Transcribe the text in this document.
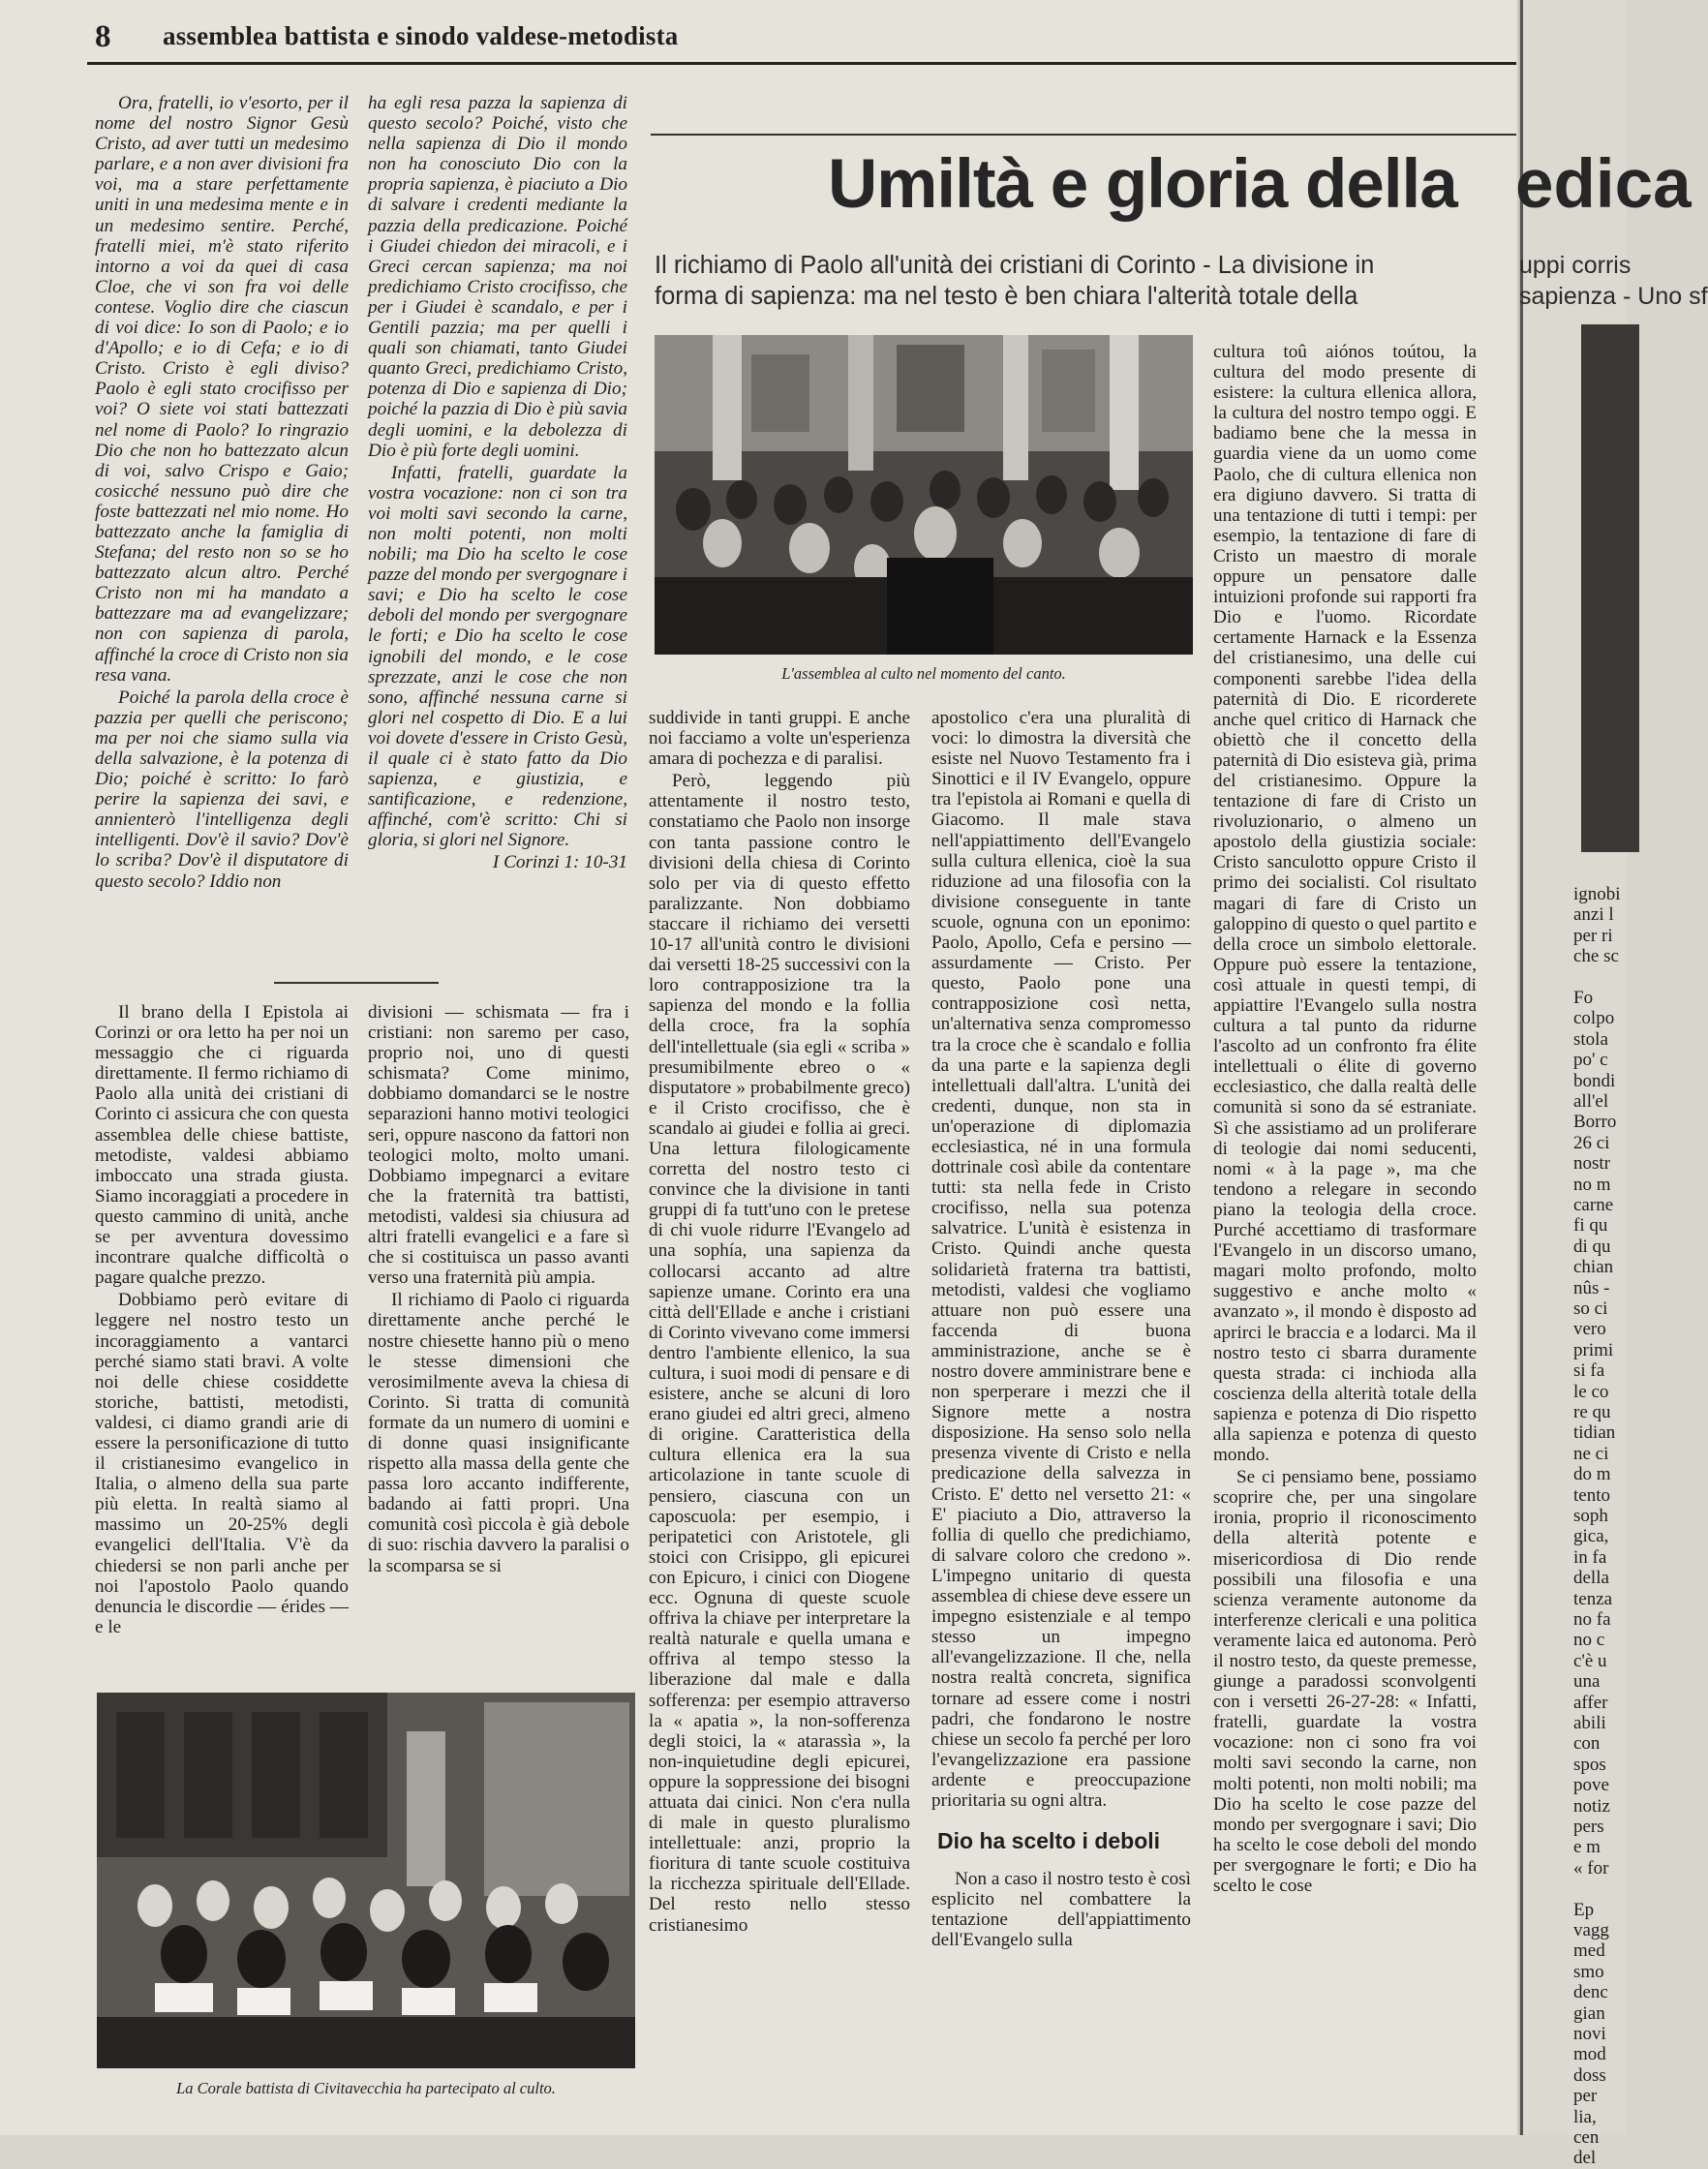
8 assemblea battista e sinodo valdese-metodista

Ora, fratelli, io v'esorto, per il nome del nostro Signor Gesù Cristo, ad aver tutti un medesimo parlare, e a non aver divisioni fra voi, ma a stare perfettamente uniti in una medesima mente e in un medesimo sentire. Perché, fratelli miei, m'è stato riferito intorno a voi da quei di casa Cloe, che vi son fra voi delle contese. Voglio dire che ciascun di voi dice: Io son di Paolo; e io d'Apollo; e io di Cefa; e io di Cristo. Cristo è egli diviso? Paolo è egli stato crocifisso per voi? O siete voi stati battezzati nel nome di Paolo? Io ringrazio Dio che non ho battezzato alcun di voi, salvo Crispo e Gaio; cosicché nessuno può dire che foste battezzati nel mio nome. Ho battezzato anche la famiglia di Stefana; del resto non so se ho battezzato alcun altro. Perché Cristo non mi ha mandato a battezzare ma ad evangelizzare; non con sapienza di parola, affinché la croce di Cristo non sia resa vana.

Poiché la parola della croce è pazzia per quelli che periscono; ma per noi che siamo sulla via della salvazione, è la potenza di Dio; poiché è scritto: Io farò perire la sapienza dei savi, e annienterò l'intelligenza degli intelligenti. Dov'è il savio? Dov'è lo scriba? Dov'è il disputatore di questo secolo? Iddio non

ha egli resa pazza la sapienza di questo secolo? Poiché, visto che nella sapienza di Dio il mondo non ha conosciuto Dio con la propria sapienza, è piaciuto a Dio di salvare i credenti mediante la pazzia della predicazione. Poiché i Giudei chiedon dei miracoli, e i Greci cercan sapienza; ma noi predichiamo Cristo crocifisso, che per i Giudei è scandalo, e per i Gentili pazzia; ma per quelli i quali son chiamati, tanto Giudei quanto Greci, predichiamo Cristo, potenza di Dio e sapienza di Dio; poiché la pazzia di Dio è più savia degli uomini, e la debolezza di Dio è più forte degli uomini.

Infatti, fratelli, guardate la vostra vocazione: non ci son tra voi molti savi secondo la carne, non molti potenti, non molti nobili; ma Dio ha scelto le cose pazze del mondo per svergognare i savi; e Dio ha scelto le cose deboli del mondo per svergognare le forti; e Dio ha scelto le cose ignobili del mondo, e le cose sprezzate, anzi le cose che non sono, affinché nessuna carne si glori nel cospetto di Dio. E a lui voi dovete d'essere in Cristo Gesù, il quale ci è stato fatto da Dio sapienza, e giustizia, e santificazione, e redenzione, affinché, com'è scritto: Chi si gloria, si glori nel Signore.

I Corinzi 1: 10-31

Umiltà e gloria della
Il richiamo di Paolo all'unità dei cristiani di Corinto - La divisione in
forma di sapienza: ma nel testo è ben chiara l'alterità totale della
L'assemblea al culto nel momento del canto.

Il brano della I Epistola ai Corinzi or ora letto ha per noi un messaggio che ci riguarda direttamente. Il fermo richiamo di Paolo alla unità dei cristiani di Corinto ci assicura che con questa assemblea delle chiese battiste, metodiste, valdesi abbiamo imboccato una strada giusta. Siamo incoraggiati a procedere in questo cammino di unità, anche se per avventura dovessimo incontrare qualche difficoltà o pagare qualche prezzo.

Dobbiamo però evitare di leggere nel nostro testo un incoraggiamento a vantarci perché siamo stati bravi. A volte noi delle chiese cosiddette storiche, battisti, metodisti, valdesi, ci diamo grandi arie di essere la personificazione di tutto il cristianesimo evangelico in Italia, o almeno della sua parte più eletta. In realtà siamo al massimo un 20-25% degli evangelici dell'Italia. V'è da chiedersi se non parli anche per noi l'apostolo Paolo quando denuncia le discordie — érides — e le

divisioni — schismata — fra i cristiani: non saremo per caso, proprio noi, uno di questi schismata? Come minimo, dobbiamo domandarci se le nostre separazioni hanno motivi teologici seri, oppure nascono da fattori non teologici molto, molto umani. Dobbiamo impegnarci a evitare che la fraternità tra battisti, metodisti, valdesi sia chiusura ad altri fratelli evangelici e a fare sì che si costituisca un passo avanti verso una fraternità più ampia.

Il richiamo di Paolo ci riguarda direttamente anche perché le nostre chiesette hanno più o meno le stesse dimensioni che verosimilmente aveva la chiesa di Corinto. Si tratta di comunità formate da un numero di uomini e di donne quasi insignificante rispetto alla massa della gente che passa loro accanto indifferente, badando ai fatti propri. Una comunità così piccola è già debole di suo: rischia davvero la paralisi o la scomparsa se si

La Corale battista di Civitavecchia ha partecipato al culto.

suddivide in tanti gruppi. E anche noi facciamo a volte un'esperienza amara di pochezza e di paralisi.

Però, leggendo più attentamente il nostro testo, constatiamo che Paolo non insorge con tanta passione contro le divisioni della chiesa di Corinto solo per via di questo effetto paralizzante. Non dobbiamo staccare il richiamo dei versetti 10-17 all'unità contro le divisioni dai versetti 18-25 successivi con la loro contrapposizione tra la sapienza del mondo e la follia della croce, fra la sophía dell'intellettuale (sia egli « scriba » presumibilmente ebreo o « disputatore » probabilmente greco) e il Cristo crocifisso, che è scandalo ai giudei e follia ai greci. Una lettura filologicamente corretta del nostro testo ci convince che la divisione in tanti gruppi di fa tutt'uno con le pretese di chi vuole ridurre l'Evangelo ad una sophía, una sapienza da collocarsi accanto ad altre sapienze umane. Corinto era una città dell'Ellade e anche i cristiani di Corinto vivevano come immersi dentro l'ambiente ellenico, la sua cultura, i suoi modi di pensare e di esistere, anche se alcuni di loro erano giudei ed altri greci, almeno di origine. Caratteristica della cultura ellenica era la sua articolazione in tante scuole di pensiero, ciascuna con un caposcuola: per esempio, i peripatetici con Aristotele, gli stoici con Crisippo, gli epicurei con Epicuro, i cinici con Diogene ecc. Ognuna di queste scuole offriva la chiave per interpretare la realtà naturale e quella umana e offriva al tempo stesso la liberazione dal male e dalla sofferenza: per esempio attraverso la « apatia », la non-sofferenza degli stoici, la « atarassìa », la non-inquietudine degli epicurei, oppure la soppressione dei bisogni attuata dai cinici. Non c'era nulla di male in questo pluralismo intellettuale: anzi, proprio la fioritura di tante scuole costituiva la ricchezza spirituale dell'Ellade. Del resto nello stesso cristianesimo

apostolico c'era una pluralità di voci: lo dimostra la diversità che esiste nel Nuovo Testamento fra i Sinottici e il IV Evangelo, oppure tra l'epistola ai Romani e quella di Giacomo. Il male stava nell'appiattimento dell'Evangelo sulla cultura ellenica, cioè la sua riduzione ad una filosofia con la divisione conseguente in tante scuole, ognuna con un eponimo: Paolo, Apollo, Cefa e persino — assurdamente — Cristo. Per questo, Paolo pone una contrapposizione così netta, un'alternativa senza compromesso tra la croce che è scandalo e follia da una parte e la sapienza degli intellettuali dall'altra. L'unità dei credenti, dunque, non sta in un'operazione di diplomazia ecclesiastica, né in una formula dottrinale così abile da contentare tutti: sta nella fede in Cristo crocifisso, nella sua potenza salvatrice. L'unità è esistenza in Cristo. Quindi anche questa solidarietà fraterna tra battisti, metodisti, valdesi che vogliamo attuare non può essere una faccenda di buona amministrazione, anche se è nostro dovere amministrare bene e non sperperare i mezzi che il Signore mette a nostra disposizione. Ha senso solo nella presenza vivente di Cristo e nella predicazione della salvezza in Cristo. E' detto nel versetto 21: « E' piaciuto a Dio, attraverso la follia di quello che predichiamo, di salvare coloro che credono ». L'impegno unitario di questa assemblea di chiese deve essere un impegno esistenziale e al tempo stesso un impegno all'evangelizzazione. Il che, nella nostra realtà concreta, significa tornare ad essere come i nostri padri, che fondarono le nostre chiese un secolo fa perché per loro l'evangelizzazione era passione ardente e preoccupazione prioritaria su ogni altra.

Dio ha scelto i deboli

Non a caso il nostro testo è così esplicito nel combattere la tentazione dell'appiattimento dell'Evangelo sulla

cultura toû aiónos toútou, la cultura del modo presente di esistere: la cultura ellenica allora, la cultura del nostro tempo oggi. E badiamo bene che la messa in guardia viene da un uomo come Paolo, che di cultura ellenica non era digiuno davvero. Si tratta di una tentazione di tutti i tempi: per esempio, la tentazione di fare di Cristo un maestro di morale oppure un pensatore dalle intuizioni profonde sui rapporti fra Dio e l'uomo. Ricordate certamente Harnack e la Essenza del cristianesimo, una delle cui componenti sarebbe l'idea della paternità di Dio. E ricorderete anche quel critico di Harnack che obiettò che il concetto della paternità di Dio esisteva già, prima del cristianesimo. Oppure la tentazione di fare di Cristo un rivoluzionario, o almeno un apostolo della giustizia sociale: Cristo sanculotto oppure Cristo il primo dei socialisti. Col risultato magari di fare di Cristo un galoppino di questo o quel partito e della croce un simbolo elettorale. Oppure può essere la tentazione, così attuale in questi tempi, di appiattire l'Evangelo sulla nostra cultura a tal punto da ridurne l'ascolto ad un confronto fra élite intellettuali o élite di governo ecclesiastico, che dalla realtà delle comunità si sono da sé estraniate. Sì che assistiamo ad un proliferare di teologie dai nomi seducenti, nomi « à la page », ma che tendono a relegare in secondo piano la teologia della croce. Purché accettiamo di trasformare l'Evangelo in un discorso umano, magari molto profondo, molto suggestivo e anche molto « avanzato », il mondo è disposto ad aprirci le braccia e a lodarci. Ma il nostro testo ci sbarra duramente questa strada: ci inchioda alla coscienza della alterità totale della sapienza e potenza di Dio rispetto alla sapienza e potenza di questo mondo.

Se ci pensiamo bene, possiamo scoprire che, per una singolare ironia, proprio il riconoscimento della alterità potente e misericordiosa di Dio rende possibili una filosofia e una scienza veramente autonome da interferenze clericali e una politica veramente laica ed autonoma. Però il nostro testo, da queste premesse, giunge a paradossi sconvolgenti con i versetti 26-27-28: « Infatti, fratelli, guardate la vostra vocazione: non ci sono fra voi molti savi secondo la carne, non molti potenti, non molti nobili; ma Dio ha scelto le cose pazze del mondo per svergognare i savi; Dio ha scelto le cose deboli del mondo per svergognare le forti; e Dio ha scelto le cose

edica
uppi corris
sapienza - Uno sf
ignobi
anzi l
per ri
che sc
Fo
colpo
stola
po' c
bondi
all'el
Borro
26 ci
nostr
no m
carne
fi qu
di qu
chian
nûs -
so ci
vero
primi
si fa
le co
re qu
tidian
ne ci
do m
tento
soph
gica,
in fa
della
tenza
no fa
no c
c'è u
una
affer
abili
con
spos
pove
notiz
pers
e m
« for
Ep
vagg
med
smo
denc
gian
novi
mod
doss
per
lia,
cen
del
